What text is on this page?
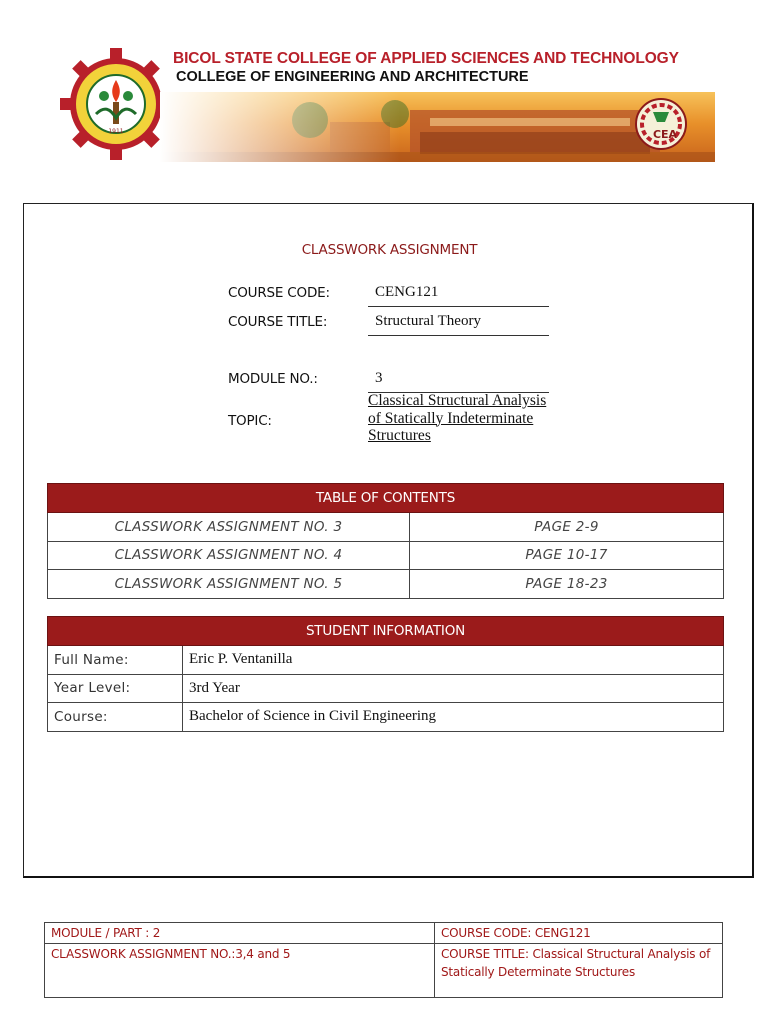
1911
BICOL STATE COLLEGE OF APPLIED SCIENCES AND TECHNOLOGY
COLLEGE OF ENGINEERING AND ARCHITECTURE
CEA
CLASSWORK ASSIGNMENT
COURSE CODE:	CENG121
COURSE TITLE:	Structural Theory
MODULE NO.:	3
TOPIC:
Classical Structural Analysis of Statically Indeterminate Structures
TABLE OF CONTENTS	
CLASSWORK ASSIGNMENT NO. 3	PAGE 2-9
CLASSWORK ASSIGNMENT NO. 4	PAGE 10-17
CLASSWORK ASSIGNMENT NO. 5	PAGE 18-23
STUDENT INFORMATION	
Full Name:	Eric P. Ventanilla
Year Level:	3rd Year
Course:	Bachelor of Science in Civil Engineering
MODULE / PART : 2	COURSE CODE: CENG121
CLASSWORK ASSIGNMENT NO.:3,4 and 5	COURSE TITLE: Classical Structural Analysis of Statically Determinate Structures
